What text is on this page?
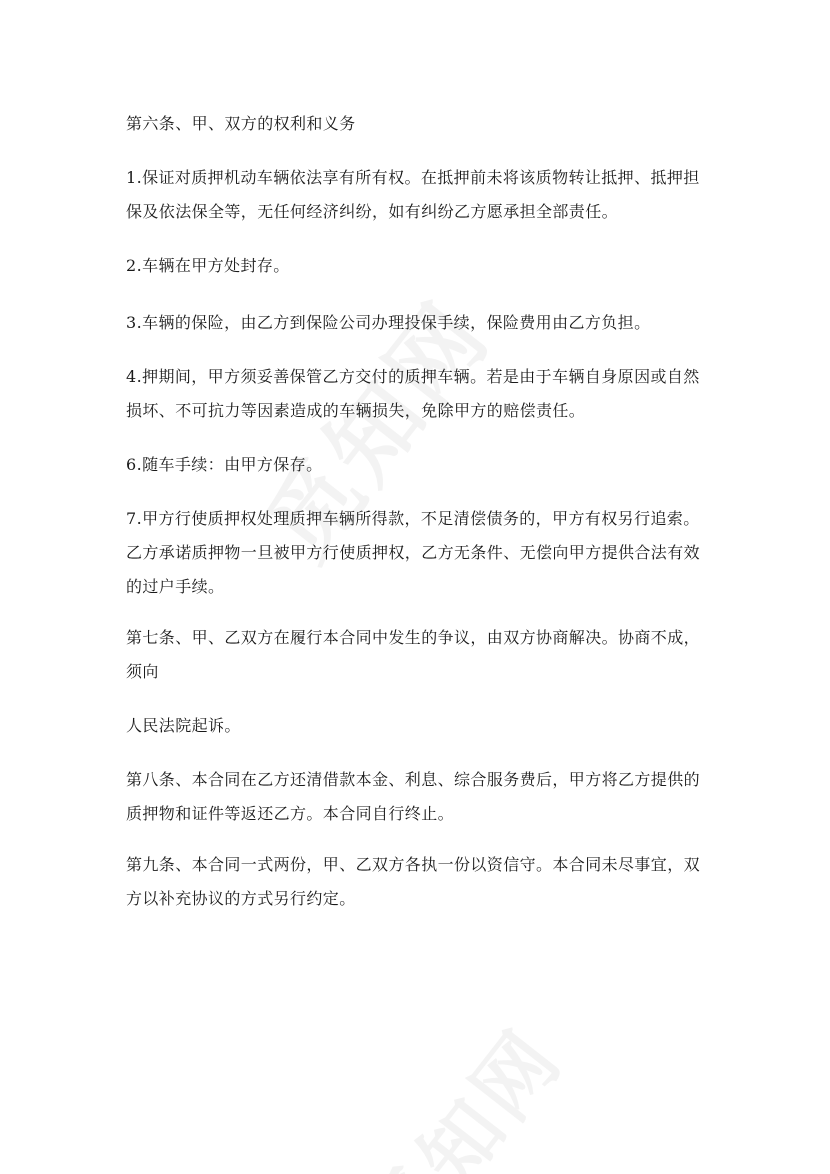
第六条、甲、双方的权利和义务

1.保证对质押机动车辆依法享有所有权。在抵押前未将该质物转让抵押、抵押担保及依法保全等，无任何经济纠纷，如有纠纷乙方愿承担全部责任。

2.车辆在甲方处封存。

3.车辆的保险，由乙方到保险公司办理投保手续，保险费用由乙方负担。

4.押期间，甲方须妥善保管乙方交付的质押车辆。若是由于车辆自身原因或自然损坏、不可抗力等因素造成的车辆损失，免除甲方的赔偿责任。

6.随车手续：由甲方保存。

7.甲方行使质押权处理质押车辆所得款，不足清偿债务的，甲方有权另行追索。乙方承诺质押物一旦被甲方行使质押权，乙方无条件、无偿向甲方提供合法有效的过户手续。

第七条、甲、乙双方在履行本合同中发生的争议，由双方协商解决。协商不成，须向

人民法院起诉。

第八条、本合同在乙方还清借款本金、利息、综合服务费后，甲方将乙方提供的质押物和证件等返还乙方。本合同自行终止。

第九条、本合同一式两份，甲、乙双方各执一份以资信守。本合同未尽事宜，双方以补充协议的方式另行约定。
